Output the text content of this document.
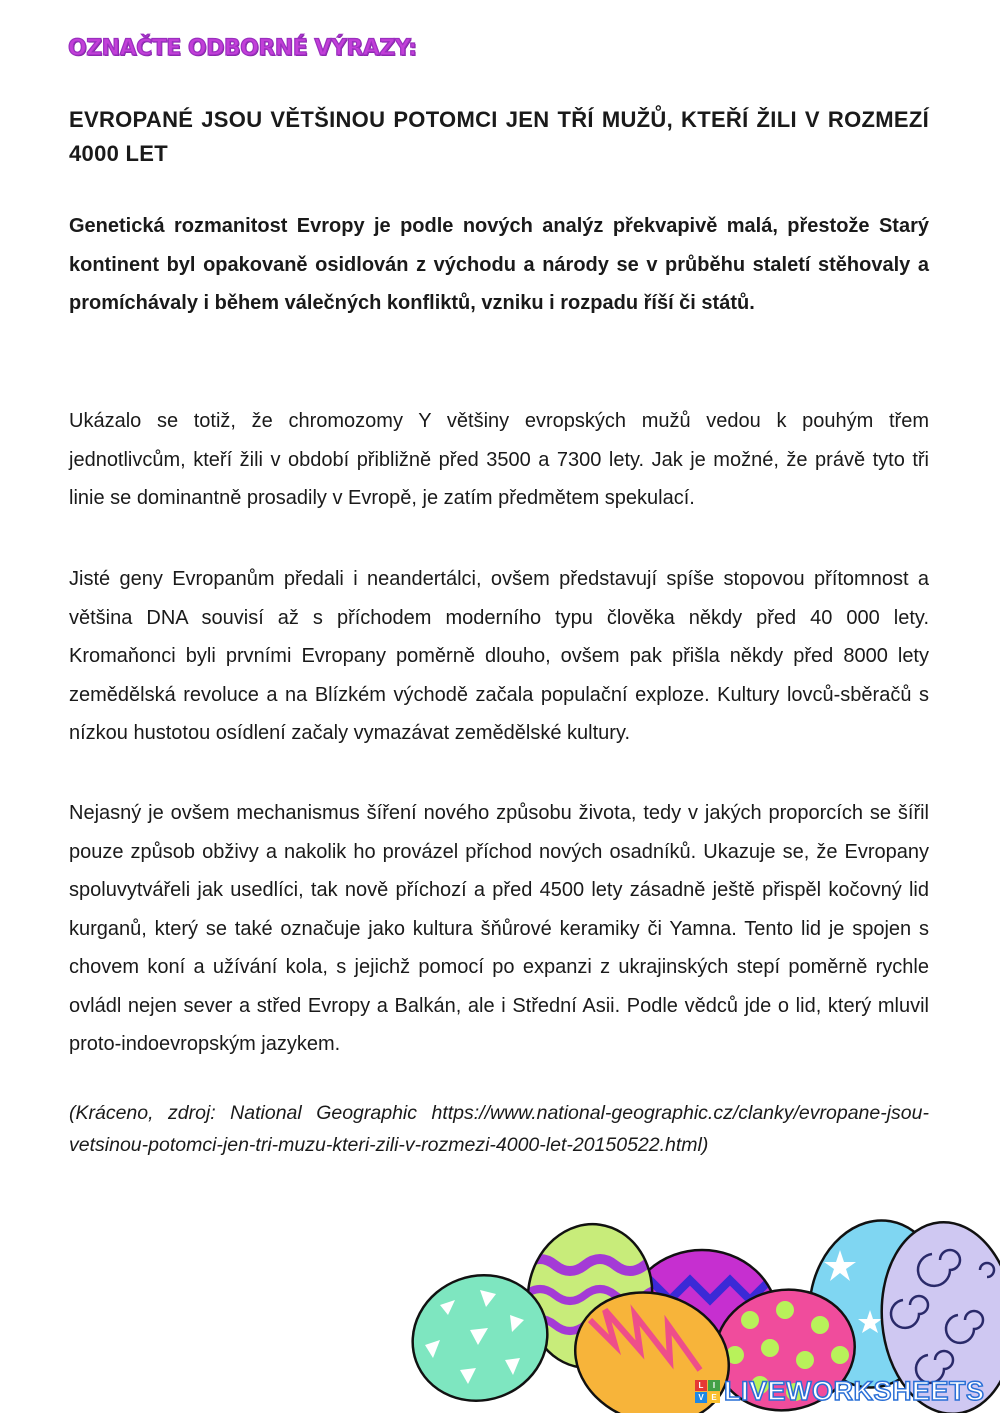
OZNAČTE ODBORNÉ VÝRAZY:
EVROPANÉ JSOU VĚTŠINOU POTOMCI JEN TŘÍ MUŽŮ, KTEŘÍ ŽILI V ROZMEZÍ 4000 LET

Genetická rozmanitost Evropy je podle nových analýz překvapivě malá, přestože Starý kontinent byl opakovaně osidlován z východu a národy se v průběhu staletí stěhovaly a promíchávaly i během válečných konfliktů, vzniku i rozpadu říší či států.

Ukázalo se totiž, že chromozomy Y většiny evropských mužů vedou k pouhým třem jednotlivcům, kteří žili v období přibližně před 3500 a 7300 lety. Jak je možné, že právě tyto tři linie se dominantně prosadily v Evropě, je zatím předmětem spekulací.

Jisté geny Evropanům předali i neandertálci, ovšem představují spíše stopovou přítomnost a většina DNA souvisí až s příchodem moderního typu člověka někdy před 40 000 lety. Kromaňonci byli prvními Evropany poměrně dlouho, ovšem pak přišla někdy před 8000 lety zemědělská revoluce a na Blízkém východě začala populační exploze. Kultury lovců-sběračů s nízkou hustotou osídlení začaly vymazávat zemědělské kultury.

Nejasný je ovšem mechanismus šíření nového způsobu života, tedy v jakých proporcích se šířil pouze způsob obživy a nakolik ho provázel příchod nových osadníků. Ukazuje se, že Evropany spoluvytvářeli jak usedlíci, tak nově příchozí a před 4500 lety zásadně ještě přispěl kočovný lid kurganů, který se také označuje jako kultura šňůrové keramiky či Yamna. Tento lid je spojen s chovem koní a užívání kola, s jejichž pomocí po expanzi z ukrajinských stepí poměrně rychle ovládl nejen sever a střed Evropy a Balkán, ale i Střední Asii. Podle vědců jde o lid, který mluvil proto-indoevropským jazykem.

(Kráceno, zdroj: National Geographic https://www.national-geographic.cz/clanky/evropane-jsou-vetsinou-potomci-jen-tri-muzu-kteri-zili-v-rozmezi-4000-let-20150522.html)

L	I
V E LIVEWORKSHEETS
